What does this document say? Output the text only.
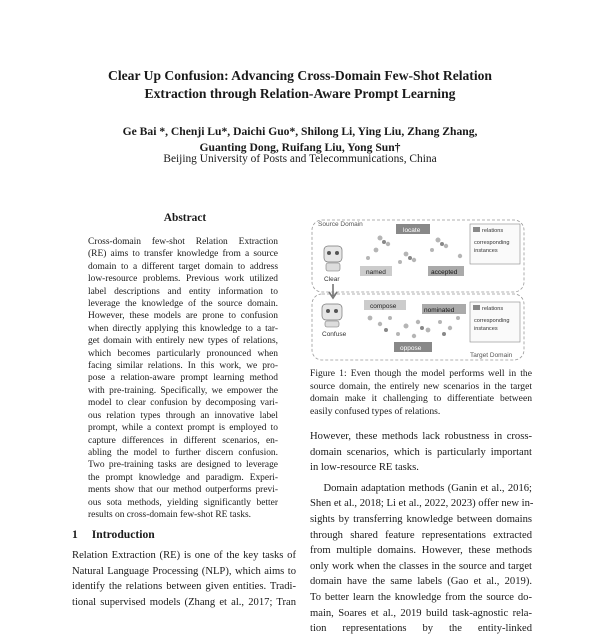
Clear Up Confusion: Advancing Cross-Domain Few-Shot Relation
Extraction through Relation-Aware Prompt Learning
Ge Bai *, Chenji Lu*, Daichi Guo*, Shilong Li, Ying Liu, Zhang Zhang,
Guanting Dong, Ruifang Liu, Yong Sun†
Beijing University of Posts and Telecommunications, China
Abstract
Cross-domain few-shot Relation Extraction
(RE) aims to transfer knowledge from a source
domain to a different target domain to address
low-resource problems. Previous work utilized
label descriptions and entity information to
leverage the knowledge of the source domain.
However, these models are prone to confusion
when directly applying this knowledge to a tar-
get domain with entirely new types of relations,
which becomes particularly pronounced when
facing similar relations. In this work, we pro-
pose a relation-aware prompt learning method
with pre-training. Specifically, we empower the
model to clear confusion by decomposing vari-
ous relation types through an innovative label
prompt, while a context prompt is employed to
capture differences in different scenarios, en-
abling the model to further discern confusion.
Two pre-training tasks are designed to leverage
the prompt knowledge and paradigm. Experi-
ments show that our method outperforms previ-
ous sota methods, yielding significantly better
results on cross-domain few-shot RE tasks.
1 Introduction
Relation Extraction (RE) is one of the key tasks of
Natural Language Processing (NLP), which aims to
identify the relations between given entities. Tradi-
tional supervised models (Zhang et al., 2017; Tran
Source Domain
Target Domain
Clear
Confuse
locate
named	accepted
relations
corresponding
instances
compose
nominated
oppose
relations
corresponding
instances
Figure 1: Even though the model performs well in the
source domain, the entirely new scenarios in the target
domain make it challenging to differentiate between
easily confused types of relations.
However, these methods lack robustness in cross-
domain scenarios, which is particularly important
in low-resource RE tasks.
Domain adaptation methods (Ganin et al., 2016;
Shen et al., 2018; Li et al., 2022, 2023) offer new in-
sights by transferring knowledge between domains
through shared feature representations extracted
from multiple domains. However, these methods
only work when the classes in the source and target
domain have the same labels (Gao et al., 2019).
To better learn the knowledge from the source do-
main, Soares et al., 2019 build task-agnostic rela-
tion representations by the entity-linked
